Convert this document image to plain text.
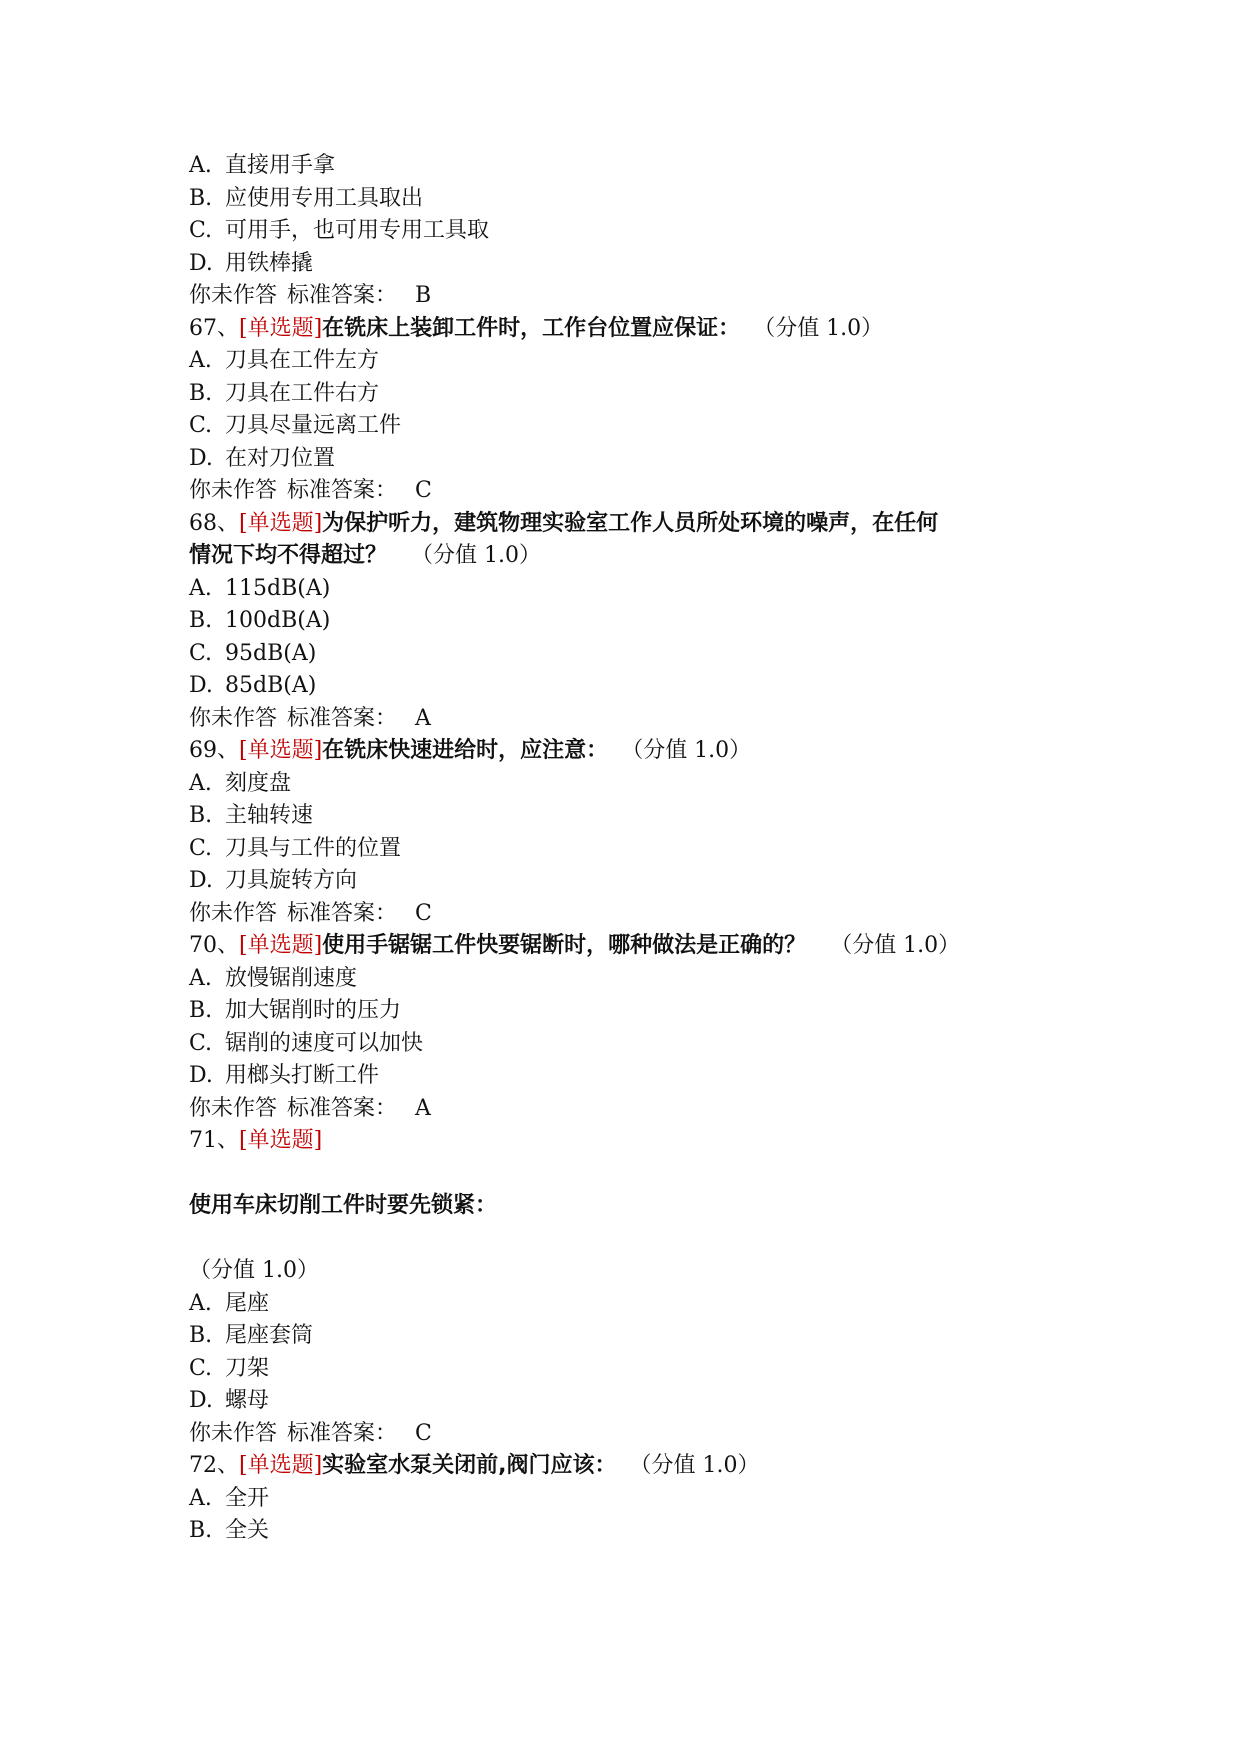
A. 直接用手拿
B. 应使用专用工具取出
C. 可用手，也可用专用工具取
D. 用铁棒撬
你未作答 标准答案： B
67、[单选题]在铣床上装卸工件时，工作台位置应保证： （分值 1.0）
A. 刀具在工件左方
B. 刀具在工件右方
C. 刀具尽量远离工件
D. 在对刀位置
你未作答 标准答案： C
68、[单选题]为保护听力，建筑物理实验室工作人员所处环境的噪声，在任何
情况下均不得超过？ （分值 1.0）
A. 115dB(A)
B. 100dB(A)
C. 95dB(A)
D. 85dB(A)
你未作答 标准答案： A
69、[单选题]在铣床快速进给时，应注意： （分值 1.0）
A. 刻度盘
B. 主轴转速
C. 刀具与工件的位置
D. 刀具旋转方向
你未作答 标准答案： C
70、[单选题]使用手锯锯工件快要锯断时，哪种做法是正确的？ （分值 1.0）
A. 放慢锯削速度
B. 加大锯削时的压力
C. 锯削的速度可以加快
D. 用榔头打断工件
你未作答 标准答案： A
71、[单选题]
使用车床切削工件时要先锁紧：
（分值 1.0）
A. 尾座
B. 尾座套筒
C. 刀架
D. 螺母
你未作答 标准答案： C
72、[单选题]实验室水泵关闭前,阀门应该： （分值 1.0）
A. 全开
B. 全关
